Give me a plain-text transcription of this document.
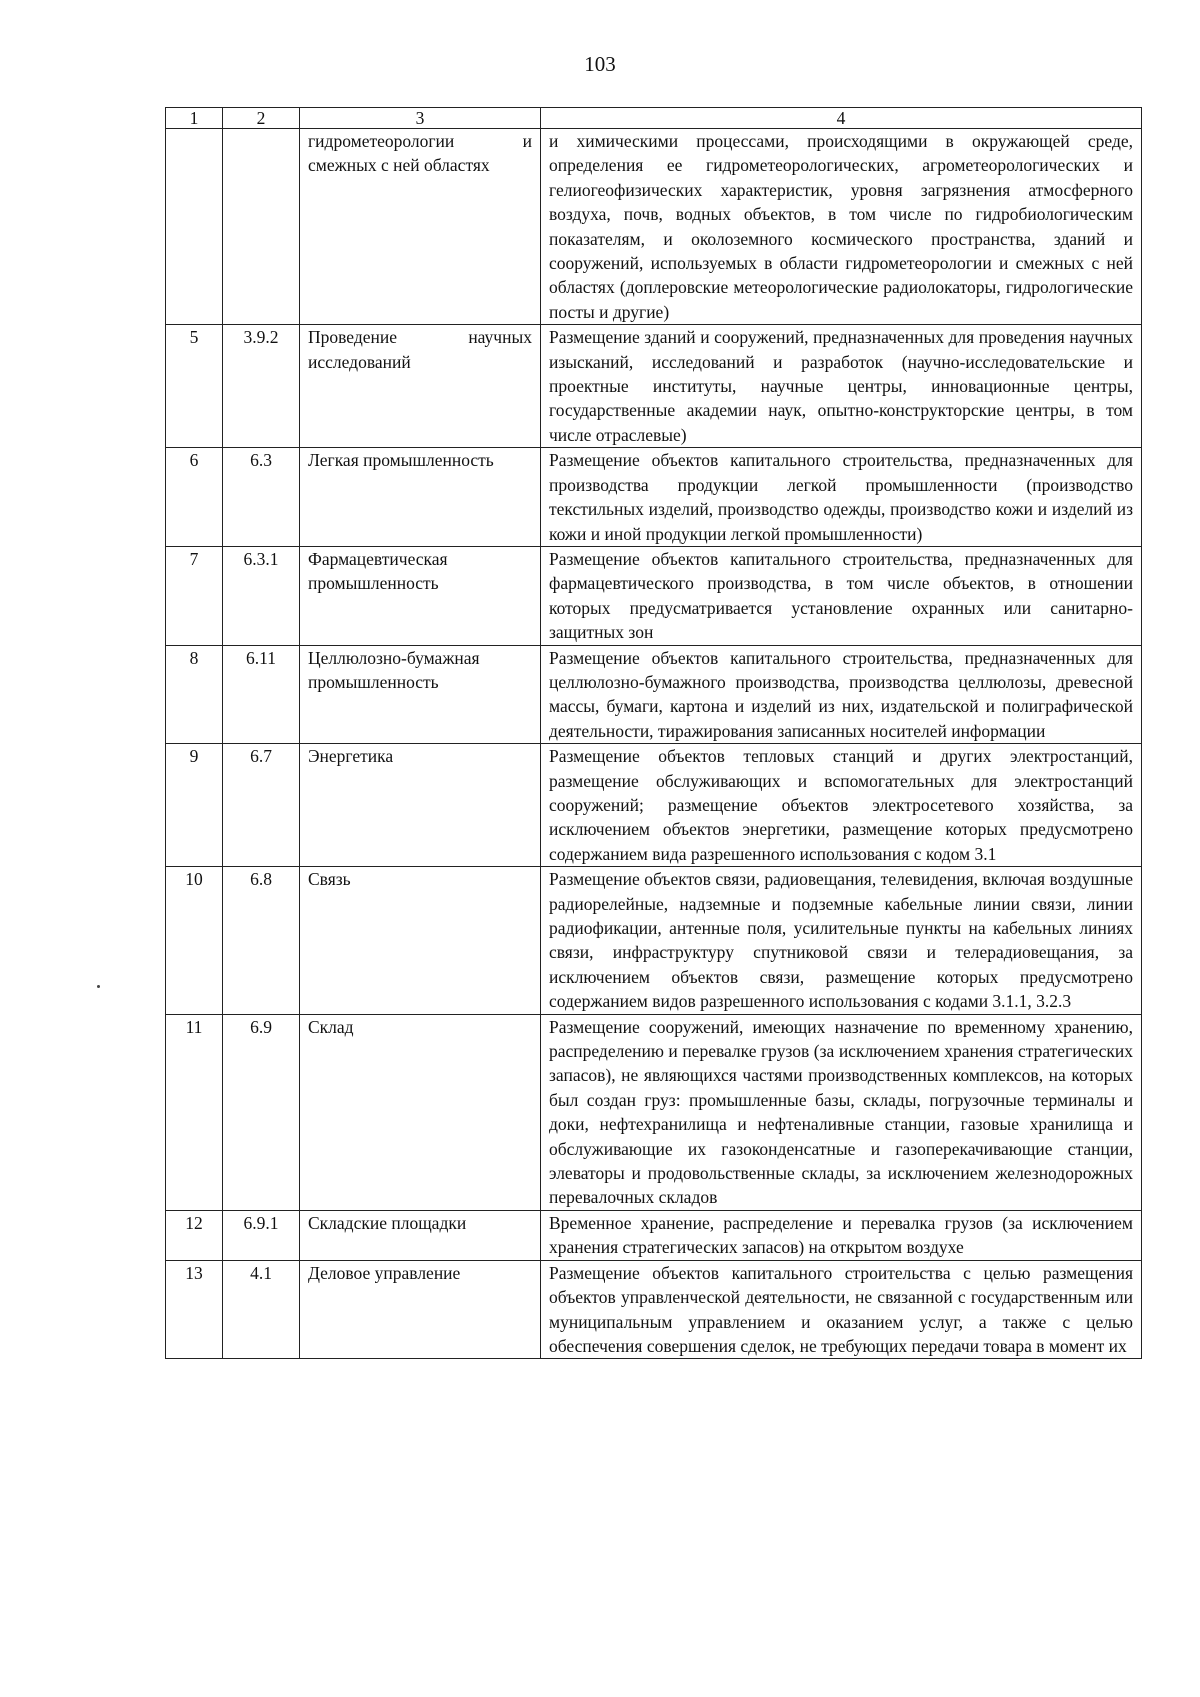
103
1	2	3	4
		гидрометеорологии и смежных с ней областях	и химическими процессами, происходящими в окружающей среде, определения ее гидрометеорологических, агрометеорологических и гелиогеофизических характеристик, уровня загрязнения атмосферного воздуха, почв, водных объектов, в том числе по гидробиологическим показателям, и околоземного космического пространства, зданий и сооружений, используемых в области гидрометеорологии и смежных с ней областях (доплеровские метеорологические радиолокаторы, гидрологические посты и другие)
5	3.9.2	Проведение научных исследований	Размещение зданий и сооружений, предназначенных для проведения научных изысканий, исследований и разработок (научно-исследовательские и проектные институты, научные центры, инновационные центры, государственные академии наук, опытно-конструкторские центры, в том числе отраслевые)
6	6.3	Легкая промышленность	Размещение объектов капитального строительства, предназначенных для производства продукции легкой промышленности (производство текстильных изделий, производство одежды, производство кожи и изделий из кожи и иной продукции легкой промышленности)
7	6.3.1	Фармацевтическая промышленность	Размещение объектов капитального строительства, предназначенных для фармацевтического производства, в том числе объектов, в отношении которых предусматривается установление охранных или санитарно-защитных зон
8	6.11	Целлюлозно-бумажная промышленность	Размещение объектов капитального строительства, предназначенных для целлюлозно-бумажного производства, производства целлюлозы, древесной массы, бумаги, картона и изделий из них, издательской и полиграфической деятельности, тиражирования записанных носителей информации
9	6.7	Энергетика	Размещение объектов тепловых станций и других электростанций, размещение обслуживающих и вспомогательных для электростанций сооружений; размещение объектов электросетевого хозяйства, за исключением объектов энергетики, размещение которых предусмотрено содержанием вида разрешенного использования с кодом 3.1
10	6.8	Связь	Размещение объектов связи, радиовещания, телевидения, включая воздушные радиорелейные, надземные и подземные кабельные линии связи, линии радиофикации, антенные поля, усилительные пункты на кабельных линиях связи, инфраструктуру спутниковой связи и телерадиовещания, за исключением объектов связи, размещение которых предусмотрено содержанием видов разрешенного использования с кодами 3.1.1, 3.2.3
11	6.9	Склад	Размещение сооружений, имеющих назначение по временному хранению, распределению и перевалке грузов (за исключением хранения стратегических запасов), не являющихся частями производственных комплексов, на которых был создан груз: промышленные базы, склады, погрузочные терминалы и доки, нефтехранилища и нефтеналивные станции, газовые хранилища и обслуживающие их газоконденсатные и газоперекачивающие станции, элеваторы и продовольственные склады, за исключением железнодорожных перевалочных складов
12	6.9.1	Складские площадки	Временное хранение, распределение и перевалка грузов (за исключением хранения стратегических запасов) на открытом воздухе
13	4.1	Деловое управление	Размещение объектов капитального строительства с целью размещения объектов управленческой деятельности, не связанной с государственным или муниципальным управлением и оказанием услуг, а также с целью обеспечения совершения сделок, не требующих передачи товара в момент их
